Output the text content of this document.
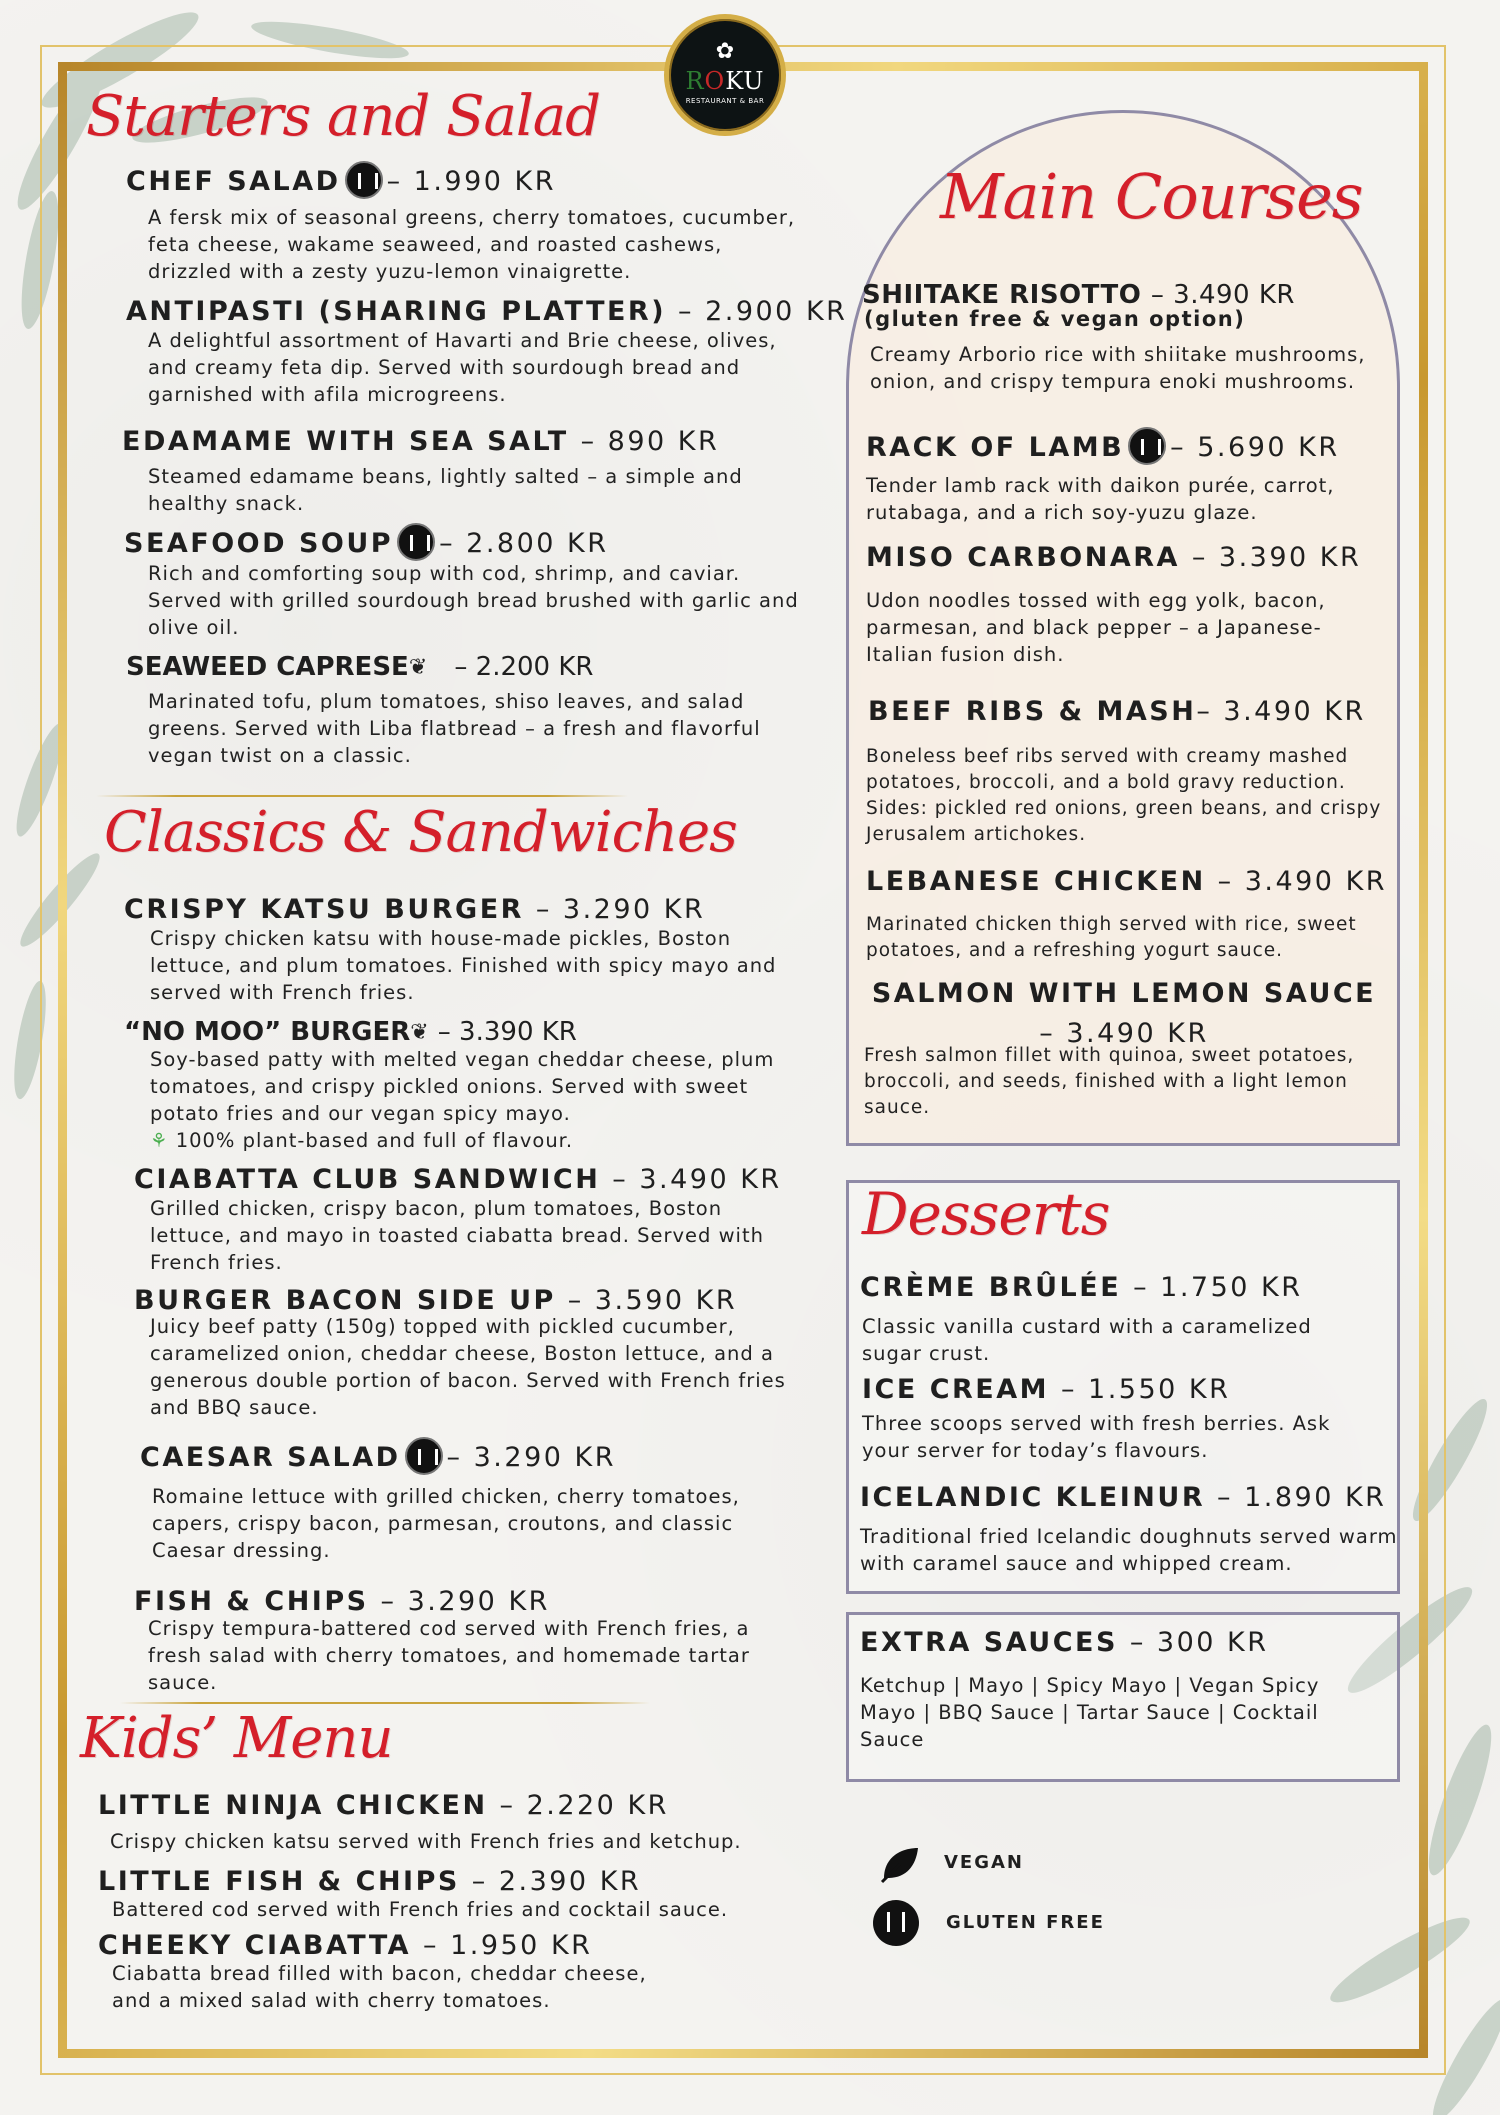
✿
ROKU
RESTAURANT & BAR
Starters and Salad
CHEF SALAD – 1.990 KR
A fersk mix of seasonal greens, cherry tomatoes, cucumber, feta cheese, wakame seaweed, and roasted cashews, drizzled with a zesty yuzu-lemon vinaigrette.
ANTIPASTI (SHARING PLATTER) – 2.900 KR
A delightful assortment of Havarti and Brie cheese, olives, and creamy feta dip. Served with sourdough bread and garnished with afila microgreens.
EDAMAME WITH SEA SALT – 890 KR
Steamed edamame beans, lightly salted – a simple and healthy snack.
SEAFOOD SOUP – 2.800 KR
Rich and comforting soup with cod, shrimp, and caviar. Served with grilled sourdough bread brushed with garlic and olive oil.
SEAWEED CAPRESE❦ – 2.200 KR
Marinated tofu, plum tomatoes, shiso leaves, and salad greens. Served with Liba flatbread – a fresh and flavorful vegan twist on a classic.
Classics & Sandwiches
CRISPY KATSU BURGER – 3.290 KR
Crispy chicken katsu with house-made pickles, Boston lettuce, and plum tomatoes. Finished with spicy mayo and served with French fries.
“NO MOO” BURGER❦ – 3.390 KR
Soy-based patty with melted vegan cheddar cheese, plum tomatoes, and crispy pickled onions. Served with sweet potato fries and our vegan spicy mayo.
⚘ 100% plant-based and full of flavour.
CIABATTA CLUB SANDWICH – 3.490 KR
Grilled chicken, crispy bacon, plum tomatoes, Boston lettuce, and mayo in toasted ciabatta bread. Served with French fries.
BURGER BACON SIDE UP – 3.590 KR
Juicy beef patty (150g) topped with pickled cucumber, caramelized onion, cheddar cheese, Boston lettuce, and a generous double portion of bacon. Served with French fries and BBQ sauce.
CAESAR SALAD – 3.290 KR
Romaine lettuce with grilled chicken, cherry tomatoes, capers, crispy bacon, parmesan, croutons, and classic Caesar dressing.
FISH & CHIPS – 3.290 KR
Crispy tempura-battered cod served with French fries, a fresh salad with cherry tomatoes, and homemade tartar sauce.
Kids’ Menu
LITTLE NINJA CHICKEN – 2.220 KR
Crispy chicken katsu served with French fries and ketchup.
LITTLE FISH & CHIPS – 2.390 KR
Battered cod served with French fries and cocktail sauce.
CHEEKY CIABATTA – 1.950 KR
Ciabatta bread filled with bacon, cheddar cheese, and a mixed salad with cherry tomatoes.
Main Courses
SHIITAKE RISOTTO – 3.490 KR
(gluten free & vegan option)
Creamy Arborio rice with shiitake mushrooms, onion, and crispy tempura enoki mushrooms.
RACK OF LAMB – 5.690 KR
Tender lamb rack with daikon purée, carrot, rutabaga, and a rich soy-yuzu glaze.
MISO CARBONARA – 3.390 KR
Udon noodles tossed with egg yolk, bacon, parmesan, and black pepper – a Japanese-Italian fusion dish.
BEEF RIBS & MASH– 3.490 KR
Boneless beef ribs served with creamy mashed potatoes, broccoli, and a bold gravy reduction. Sides: pickled red onions, green beans, and crispy Jerusalem artichokes.
LEBANESE CHICKEN – 3.490 KR
Marinated chicken thigh served with rice, sweet potatoes, and a refreshing yogurt sauce.
SALMON WITH LEMON SAUCE
– 3.490 KR
Fresh salmon fillet with quinoa, sweet potatoes, broccoli, and seeds, finished with a light lemon sauce.
Desserts
CRÈME BRÛLÉE – 1.750 KR
Classic vanilla custard with a caramelized sugar crust.
ICE CREAM – 1.550 KR
Three scoops served with fresh berries. Ask your server for today’s flavours.
ICELANDIC KLEINUR – 1.890 KR
Traditional fried Icelandic doughnuts served warm with caramel sauce and whipped cream.
EXTRA SAUCES – 300 KR
Ketchup | Mayo | Spicy Mayo | Vegan Spicy Mayo | BBQ Sauce | Tartar Sauce | Cocktail Sauce
VEGAN
GLUTEN FREE
